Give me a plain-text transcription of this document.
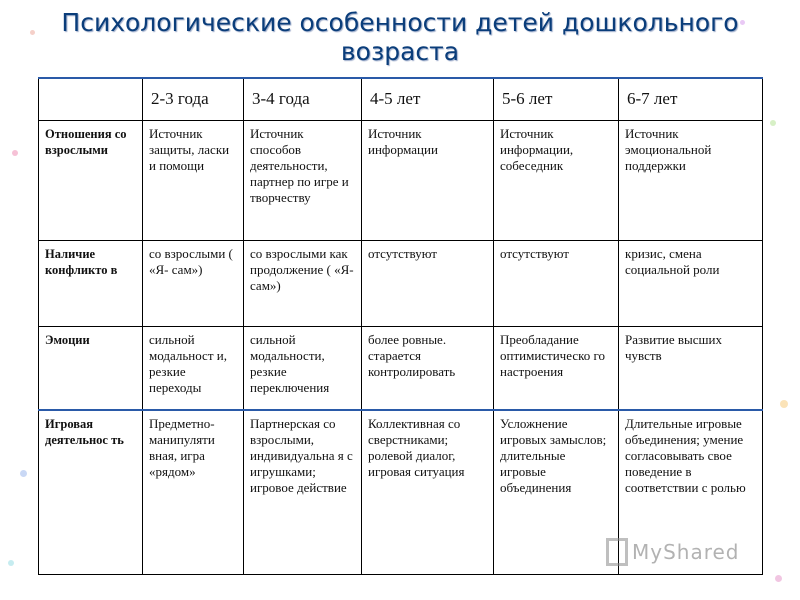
Психологические особенности детей дошкольного возраста
	2-3 года	3-4 года	4-5 лет	5-6 лет	6-7 лет
Отношения со взрослыми	Источник защиты, ласки и помощи	Источник способов деятельности, партнер по игре и творчеству	Источник информации	Источник информации, собеседник	Источник эмоциональной поддержки
Наличие конфликто в	со взрослыми ( «Я- сам»)	со взрослыми как продолжение ( «Я- сам»)	отсутствуют	отсутствуют	кризис, смена социальной роли
Эмоции	сильной модальност и, резкие переходы	сильной модальности, резкие переключения	более ровные. старается контролировать	Преобладание оптимистическо го настроения	Развитие высших чувств
Игровая деятельнос ть	Предметно-манипуляти вная, игра «рядом»	Партнерская со взрослыми, индивидуальна я с игрушками; игровое действие	Коллективная со сверстниками; ролевой диалог, игровая ситуация	Усложнение игровых замыслов; длительные игровые объединения	Длительные игровые объединения; умение согласовывать свое поведение в соответствии с ролью
MyShared
